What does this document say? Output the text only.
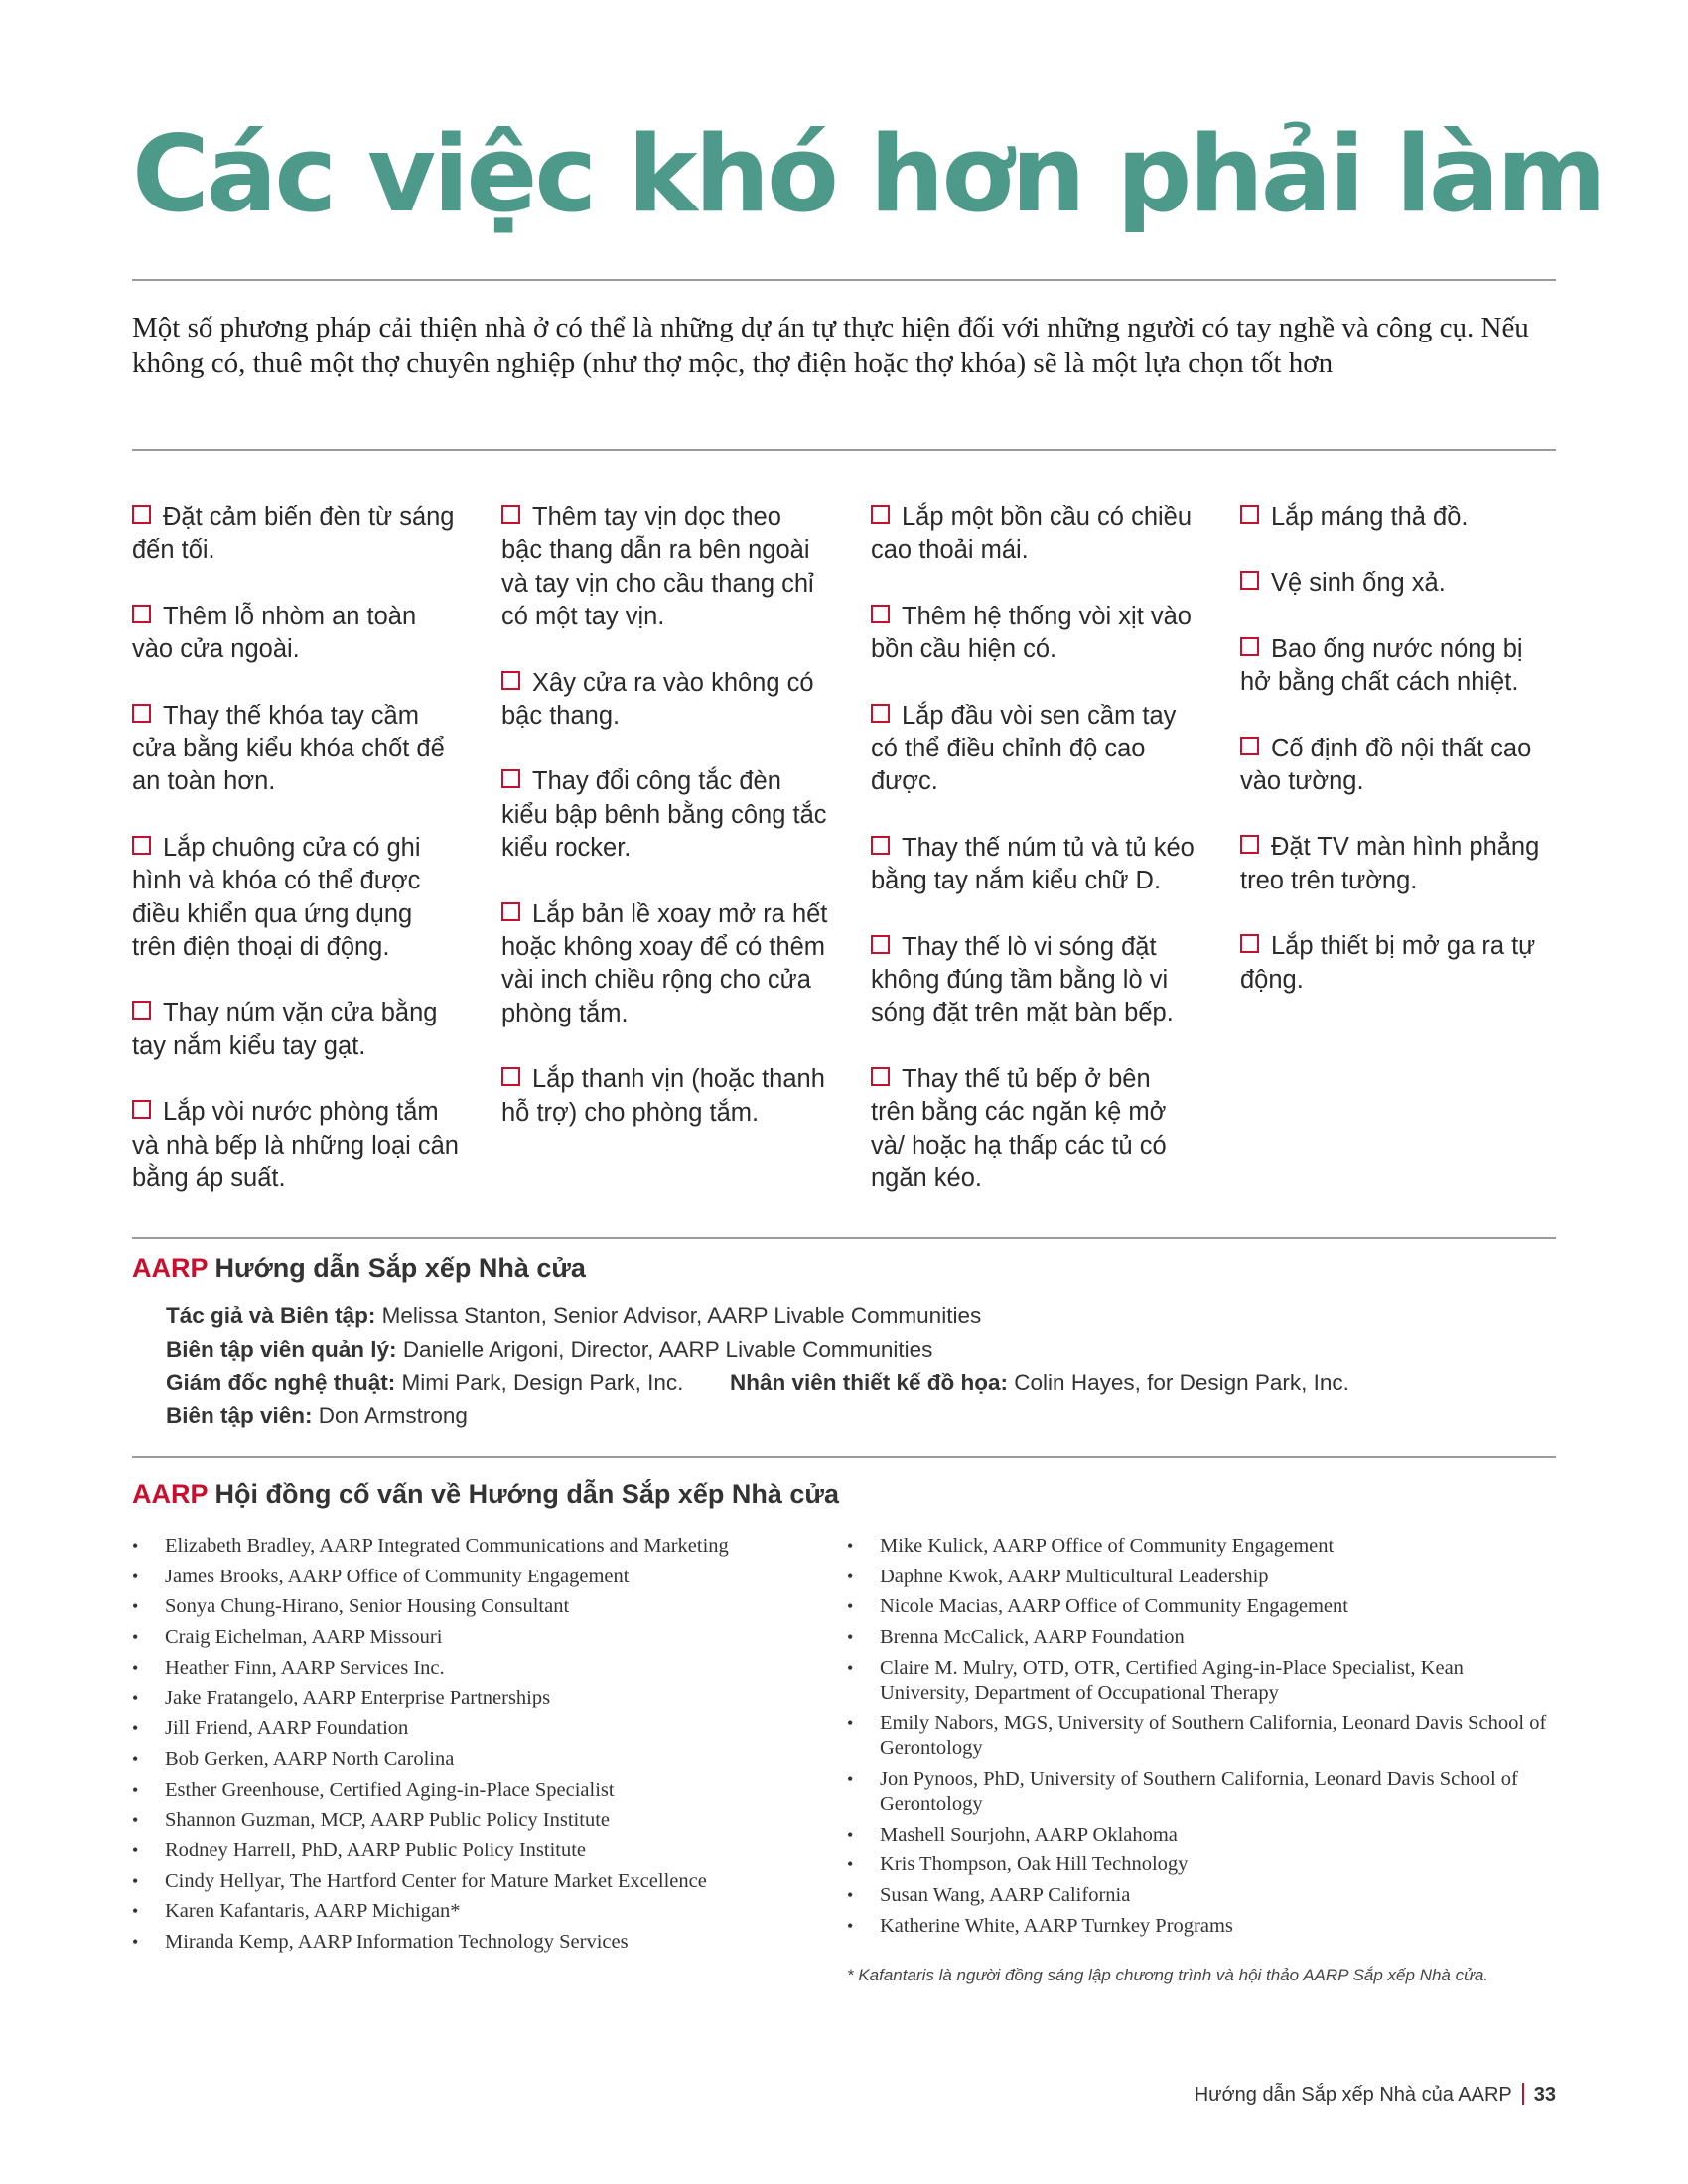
Các việc khó hơn phải làm

Một số phương pháp cải thiện nhà ở có thể là những dự án tự thực hiện đối với những người có tay nghề và công cụ. Nếu không có, thuê một thợ chuyên nghiệp (như thợ mộc, thợ điện hoặc thợ khóa) sẽ là một lựa chọn tốt hơn

Đặt cảm biến đèn từ sáng đến tối.

Thêm lỗ nhòm an toàn vào cửa ngoài.

Thay thế khóa tay cầm cửa bằng kiểu khóa chốt để an toàn hơn.

Lắp chuông cửa có ghi hình và khóa có thể được điều khiển qua ứng dụng trên điện thoại di động.

Thay núm vặn cửa bằng tay nắm kiểu tay gạt.

Lắp vòi nước phòng tắm và nhà bếp là những loại cân bằng áp suất.

Thêm tay vịn dọc theo bậc thang dẫn ra bên ngoài và tay vịn cho cầu thang chỉ có một tay vịn.

Xây cửa ra vào không có bậc thang.

Thay đổi công tắc đèn kiểu bập bênh bằng công tắc kiểu rocker.

Lắp bản lề xoay mở ra hết hoặc không xoay để có thêm vài inch chiều rộng cho cửa phòng tắm.

Lắp thanh vịn (hoặc thanh hỗ trợ) cho phòng tắm.

Lắp một bồn cầu có chiều cao thoải mái.

Thêm hệ thống vòi xịt vào bồn cầu hiện có.

Lắp đầu vòi sen cầm tay có thể điều chỉnh độ cao được.

Thay thế núm tủ và tủ kéo bằng tay nắm kiểu chữ D.

Thay thế lò vi sóng đặt không đúng tầm bằng lò vi sóng đặt trên mặt bàn bếp.

Thay thế tủ bếp ở bên trên bằng các ngăn kệ mở và/ hoặc hạ thấp các tủ có ngăn kéo.

Lắp máng thả đồ.

Vệ sinh ống xả.

Bao ống nước nóng bị hở bằng chất cách nhiệt.

Cố định đồ nội thất cao vào tường.

Đặt TV màn hình phẳng treo trên tường.

Lắp thiết bị mở ga ra tự động.

AARP Hướng dẫn Sắp xếp Nhà cửa
Tác giả và Biên tập: Melissa Stanton, Senior Advisor, AARP Livable Communities
Biên tập viên quản lý: Danielle Arigoni, Director, AARP Livable Communities
Giám đốc nghệ thuật: Mimi Park, Design Park, Inc. Nhân viên thiết kế đồ họa: Colin Hayes, for Design Park, Inc.
Biên tập viên: Don Armstrong
AARP Hội đồng cố vấn về Hướng dẫn Sắp xếp Nhà cửa
• Elizabeth Bradley, AARP Integrated Communications and Marketing
• James Brooks, AARP Office of Community Engagement
• Sonya Chung-Hirano, Senior Housing Consultant
• Craig Eichelman, AARP Missouri
• Heather Finn, AARP Services Inc.
• Jake Fratangelo, AARP Enterprise Partnerships
• Jill Friend, AARP Foundation
• Bob Gerken, AARP North Carolina
• Esther Greenhouse, Certified Aging-in-Place Specialist
• Shannon Guzman, MCP, AARP Public Policy Institute
• Rodney Harrell, PhD, AARP Public Policy Institute
• Cindy Hellyar, The Hartford Center for Mature Market Excellence
• Karen Kafantaris, AARP Michigan*
• Miranda Kemp, AARP Information Technology Services
• Mike Kulick, AARP Office of Community Engagement
• Daphne Kwok, AARP Multicultural Leadership
• Nicole Macias, AARP Office of Community Engagement
• Brenna McCalick, AARP Foundation
• Claire M. Mulry, OTD, OTR, Certified Aging-in-Place Specialist, Kean University, Department of Occupational Therapy
• Emily Nabors, MGS, University of Southern California, Leonard Davis School of Gerontology
• Jon Pynoos, PhD, University of Southern California, Leonard Davis School of Gerontology
• Mashell Sourjohn, AARP Oklahoma
• Kris Thompson, Oak Hill Technology
• Susan Wang, AARP California
• Katherine White, AARP Turnkey Programs
* Kafantaris là người đồng sáng lập chương trình và hội thảo AARP Sắp xếp Nhà cửa.
Hướng dẫn Sắp xếp Nhà của AARP 33
